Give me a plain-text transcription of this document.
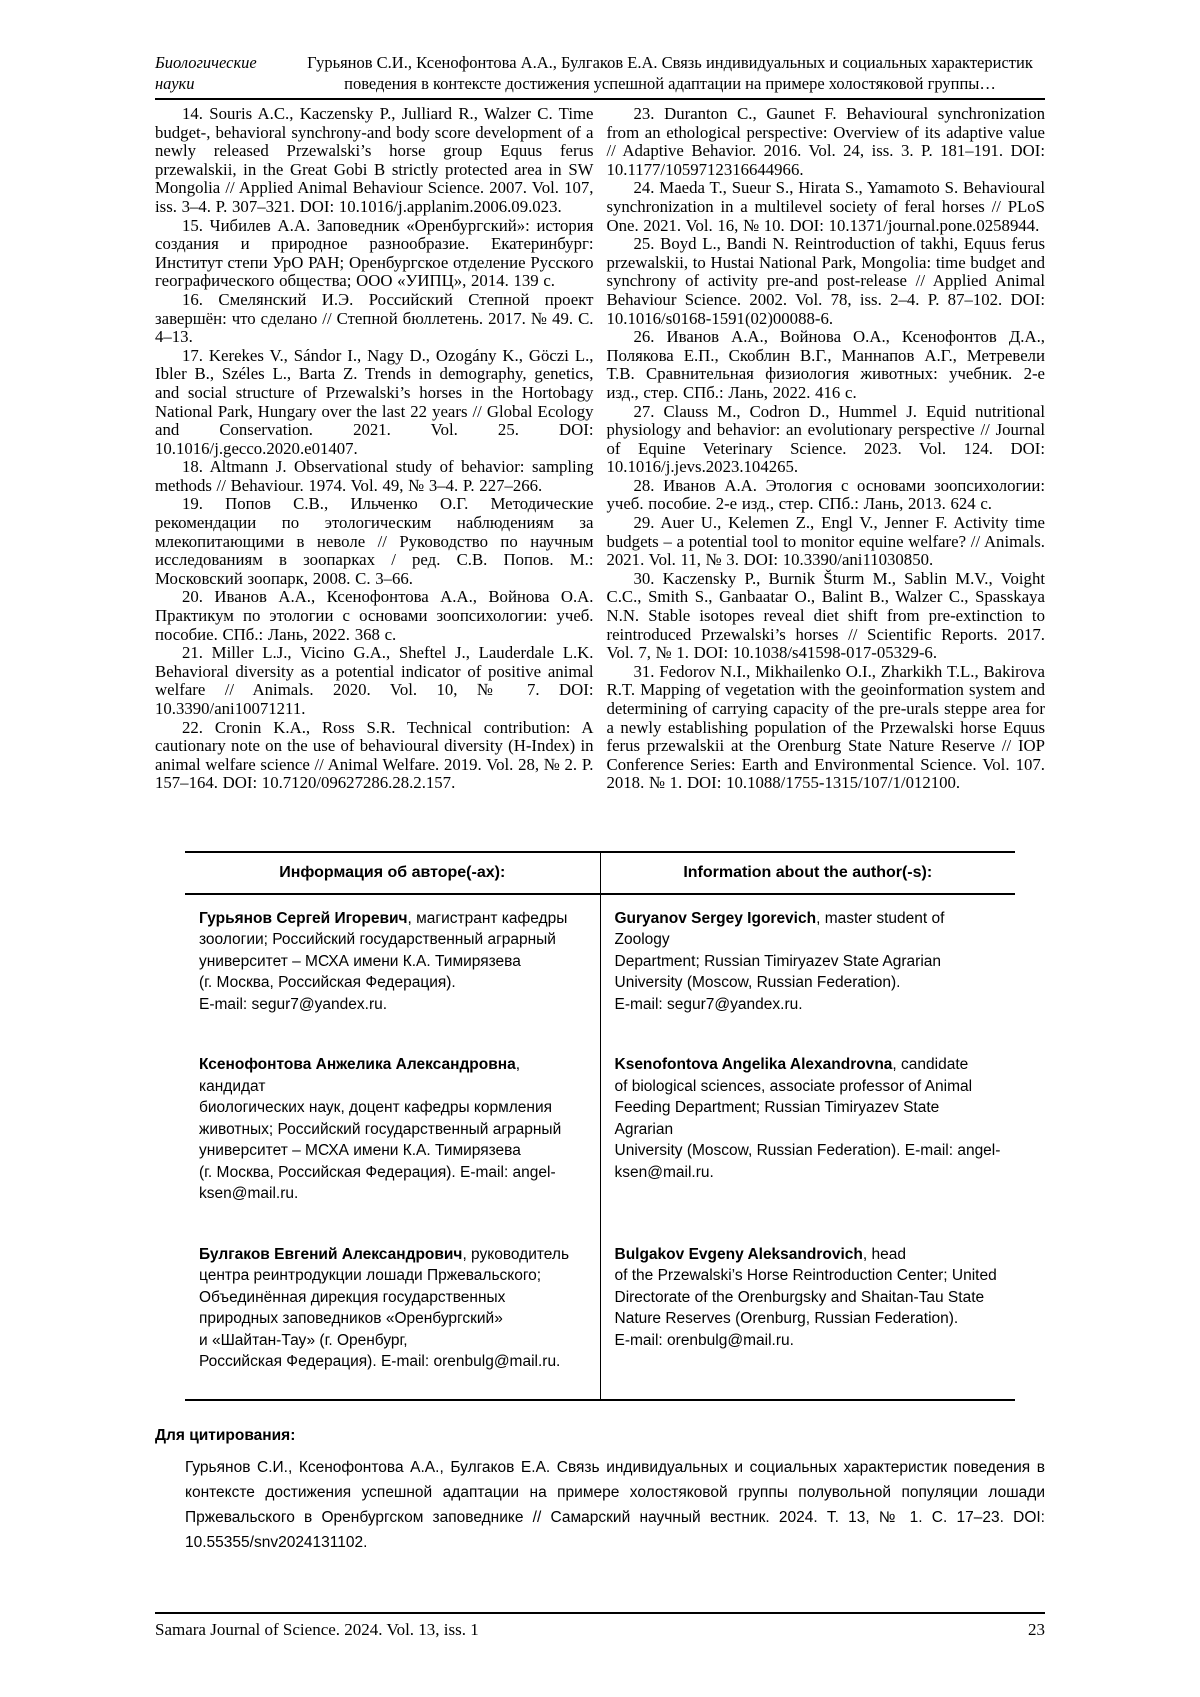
Биологические
науки
Гурьянов С.И., Ксенофонтова А.А., Булгаков Е.А. Связь индивидуальных и социальных характеристик
поведения в контексте достижения успешной адаптации на примере холостяковой группы…

14. Souris A.C., Kaczensky P., Julliard R., Walzer C. Time budget-, behavioral synchrony-and body score development of a newly released Przewalski’s horse group Equus ferus przewalskii, in the Great Gobi B strictly protected area in SW Mongolia // Applied Animal Behaviour Science. 2007. Vol. 107, iss. 3–4. P. 307–321. DOI: 10.1016/j.applanim.2006.09.023.

15. Чибилев А.А. Заповедник «Оренбургский»: история создания и природное разнообразие. Екатеринбург: Институт степи УрО РАН; Оренбургское отделение Русского географического общества; ООО «УИПЦ», 2014. 139 с.

16. Смелянский И.Э. Российский Степной проект завершён: что сделано // Степной бюллетень. 2017. № 49. С. 4–13.

17. Kerekes V., Sándor I., Nagy D., Ozogány K., Göczi L., Ibler B., Széles L., Barta Z. Trends in demography, genetics, and social structure of Przewalski’s horses in the Hortobagy National Park, Hungary over the last 22 years // Global Ecology and Conservation. 2021. Vol. 25. DOI: 10.1016/j.gecco.2020.e01407.

18. Altmann J. Observational study of behavior: sampling methods // Behaviour. 1974. Vol. 49, № 3–4. P. 227–266.

19. Попов С.В., Ильченко О.Г. Методические рекомендации по этологическим наблюдениям за млекопитающими в неволе // Руководство по научным исследованиям в зоопарках / ред. С.В. Попов. М.: Московский зоопарк, 2008. С. 3–66.

20. Иванов А.А., Ксенофонтова А.А., Войнова О.А. Практикум по этологии с основами зоопсихологии: учеб. пособие. СПб.: Лань, 2022. 368 с.

21. Miller L.J., Vicino G.A., Sheftel J., Lauderdale L.K. Behavioral diversity as a potential indicator of positive animal welfare // Animals. 2020. Vol. 10, № 7. DOI: 10.3390/ani10071211.

22. Cronin K.A., Ross S.R. Technical contribution: A cautionary note on the use of behavioural diversity (H-Index) in animal welfare science // Animal Welfare. 2019. Vol. 28, № 2. P. 157–164. DOI: 10.7120/09627286.28.2.157.

23. Duranton C., Gaunet F. Behavioural synchronization from an ethological perspective: Overview of its adaptive value // Adaptive Behavior. 2016. Vol. 24, iss. 3. P. 181–191. DOI: 10.1177/1059712316644966.

24. Maeda T., Sueur S., Hirata S., Yamamoto S. Behavioural synchronization in a multilevel society of feral horses // PLoS One. 2021. Vol. 16, № 10. DOI: 10.1371/journal.pone.0258944.

25. Boyd L., Bandi N. Reintroduction of takhi, Equus ferus przewalskii, to Hustai National Park, Mongolia: time budget and synchrony of activity pre-and post-release // Applied Animal Behaviour Science. 2002. Vol. 78, iss. 2–4. P. 87–102. DOI: 10.1016/s0168-1591(02)00088-6.

26. Иванов А.А., Войнова О.А., Ксенофонтов Д.А., Полякова Е.П., Скоблин В.Г., Маннапов А.Г., Метревели Т.В. Сравнительная физиология животных: учебник. 2-е изд., стер. СПб.: Лань, 2022. 416 с.

27. Clauss M., Codron D., Hummel J. Equid nutritional physiology and behavior: an evolutionary perspective // Journal of Equine Veterinary Science. 2023. Vol. 124. DOI: 10.1016/j.jevs.2023.104265.

28. Иванов А.А. Этология с основами зоопсихологии: учеб. пособие. 2-е изд., стер. СПб.: Лань, 2013. 624 с.

29. Auer U., Kelemen Z., Engl V., Jenner F. Activity time budgets – a potential tool to monitor equine welfare? // Animals. 2021. Vol. 11, № 3. DOI: 10.3390/ani11030850.

30. Kaczensky P., Burnik Šturm M., Sablin M.V., Voight C.C., Smith S., Ganbaatar O., Balint B., Walzer C., Spasskaya N.N. Stable isotopes reveal diet shift from pre-extinction to reintroduced Przewalski’s horses // Scientific Reports. 2017. Vol. 7, № 1. DOI: 10.1038/s41598-017-05329-6.

31. Fedorov N.I., Mikhailenko O.I., Zharkikh T.L., Bakirova R.T. Mapping of vegetation with the geoinformation system and determining of carrying capacity of the pre-urals steppe area for a newly establishing population of the Przewalski horse Equus ferus przewalskii at the Orenburg State Nature Reserve // IOP Conference Series: Earth and Environmental Science. Vol. 107. 2018. № 1. DOI: 10.1088/1755-1315/107/1/012100.

Информация об авторе(-ах):	Information about the author(-s):
Гурьянов Сергей Игоревич, магистрант кафедры
зоологии; Российский государственный аграрный
университет – МСХА имени К.А. Тимирязева
(г. Москва, Российская Федерация).
E-mail: segur7@yandex.ru.	Guryanov Sergey Igorevich, master student of Zoology
Department; Russian Timiryazev State Agrarian
University (Moscow, Russian Federation).
E-mail: segur7@yandex.ru.
Ксенофонтова Анжелика Александровна, кандидат
биологических наук, доцент кафедры кормления
животных; Российский государственный аграрный
университет – МСХА имени К.А. Тимирязева
(г. Москва, Российская Федерация). E-mail: angel-
ksen@mail.ru.	Ksenofontova Angelika Alexandrovna, candidate
of biological sciences, associate professor of Animal
Feeding Department; Russian Timiryazev State Agrarian
University (Moscow, Russian Federation). E-mail: angel-
ksen@mail.ru.
Булгаков Евгений Александрович, руководитель
центра реинтродукции лошади Пржевальского;
Объединённая дирекция государственных
природных заповедников «Оренбургский»
и «Шайтан-Тау» (г. Оренбург,
Российская Федерация). E-mail: orenbulg@mail.ru.	Bulgakov Evgeny Aleksandrovich, head
of the Przewalski’s Horse Reintroduction Center; United
Directorate of the Orenburgsky and Shaitan-Tau State
Nature Reserves (Orenburg, Russian Federation).
E-mail: orenbulg@mail.ru.
Для цитирования:

Гурьянов С.И., Ксенофонтова А.А., Булгаков Е.А. Связь индивидуальных и социальных характеристик поведения в контексте достижения успешной адаптации на примере холостяковой группы полувольной популяции лошади Пржевальского в Оренбургском заповеднике // Самарский научный вестник. 2024. Т. 13, № 1. С. 17–23. DOI: 10.55355/snv2024131102.

Samara Journal of Science. 2024. Vol. 13, iss. 1	23
